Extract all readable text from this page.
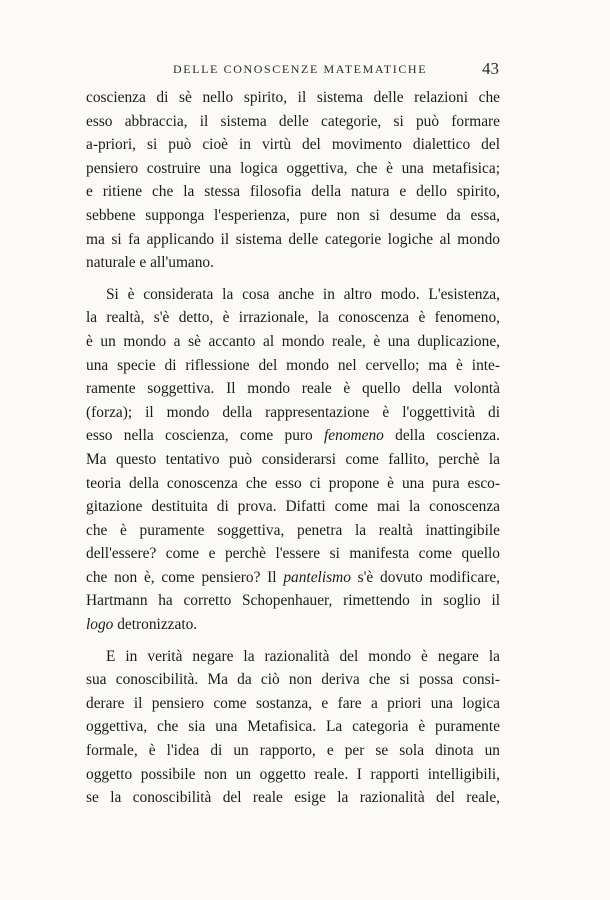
DELLE CONOSCENZE MATEMATICHE	43
coscienza di sè nello spirito, il sistema delle relazioni che
esso abbraccia, il sistema delle categorie, si può formare
a-priori, si può cioè in virtù del movimento dialettico del
pensiero costruire una logica oggettiva, che è una metafisica;
e ritiene che la stessa filosofia della natura e dello spirito,
sebbene supponga l'esperienza, pure non si desume da essa,
ma si fa applicando il sistema delle categorie logiche al mondo
naturale e all'umano.
Si è considerata la cosa anche in altro modo. L'esistenza,
la realtà, s'è detto, è irrazionale, la conoscenza è fenomeno,
è un mondo a sè accanto al mondo reale, è una duplicazione,
una specie di riflessione del mondo nel cervello; ma è inte-
ramente soggettiva. Il mondo reale è quello della volontà
(forza); il mondo della rappresentazione è l'oggettività di
esso nella coscienza, come puro fenomeno della coscienza.
Ma questo tentativo può considerarsi come fallito, perchè la
teoria della conoscenza che esso ci propone è una pura esco-
gitazione destituita di prova. Difatti come mai la conoscenza
che è puramente soggettiva, penetra la realtà inattingibile
dell'essere? come e perchè l'essere si manifesta come quello
che non è, come pensiero? Il pantelismo s'è dovuto modificare,
Hartmann ha corretto Schopenhauer, rimettendo in soglio il
logo detronizzato.
E in verità negare la razionalità del mondo è negare la
sua conoscibilità. Ma da ciò non deriva che si possa consi-
derare il pensiero come sostanza, e fare a priori una logica
oggettiva, che sia una Metafisica. La categoria è puramente
formale, è l'idea di un rapporto, e per se sola dinota un
oggetto possibile non un oggetto reale. I rapporti intelligibili,
se la conoscibilità del reale esige la razionalità del reale,
